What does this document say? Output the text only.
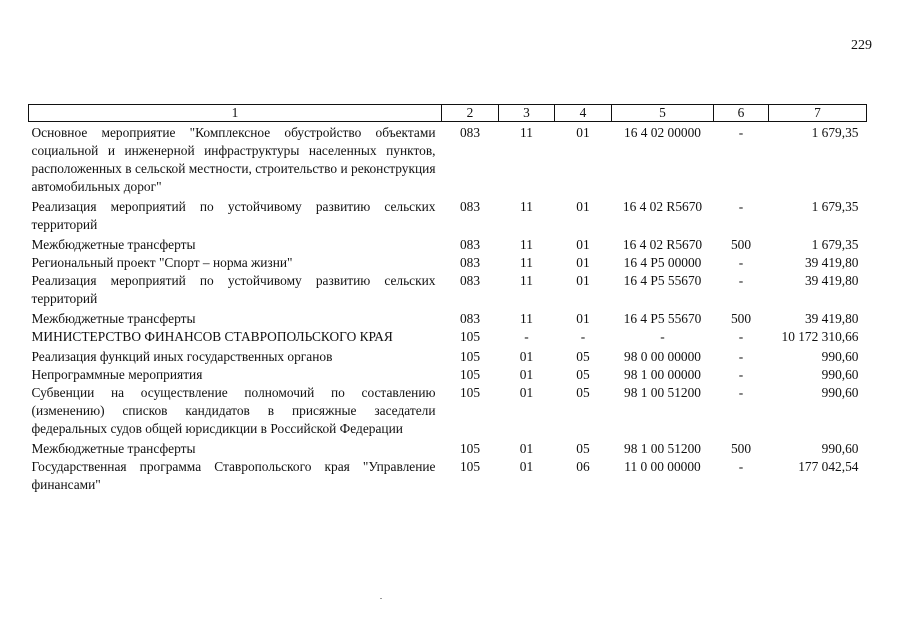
229
1	2	3	4	5	6	7
Основное мероприятие "Комплексное обустройство объектами социальной и инженерной инфраструктуры населенных пунктов, расположенных в сельской местности, строительство и реконструкция автомобильных дорог"	083	11	01	16 4 02 00000	-	1 679,35
Реализация мероприятий по устойчивому развитию сельских территорий	083	11	01	16 4 02 R5670	-	1 679,35
Межбюджетные трансферты	083	11	01	16 4 02 R5670	500	1 679,35
Региональный проект "Спорт – норма жизни"	083	11	01	16 4 P5 00000	-	39 419,80
Реализация мероприятий по устойчивому развитию сельских территорий	083	11	01	16 4 P5 55670	-	39 419,80
Межбюджетные трансферты	083	11	01	16 4 P5 55670	500	39 419,80
МИНИСТЕРСТВО ФИНАНСОВ СТАВРОПОЛЬСКОГО КРАЯ	105	-	-	-	-	10 172 310,66
Реализация функций иных государственных органов	105	01	05	98 0 00 00000	-	990,60
Непрограммные мероприятия	105	01	05	98 1 00 00000	-	990,60
Субвенции на осуществление полномочий по составлению (изменению) списков кандидатов в присяжные заседатели федеральных судов общей юрисдикции в Российской Федерации	105	01	05	98 1 00 51200	-	990,60
Межбюджетные трансферты	105	01	05	98 1 00 51200	500	990,60
Государственная программа Ставропольского края "Управление финансами"	105	01	06	11 0 00 00000	-	177 042,54
